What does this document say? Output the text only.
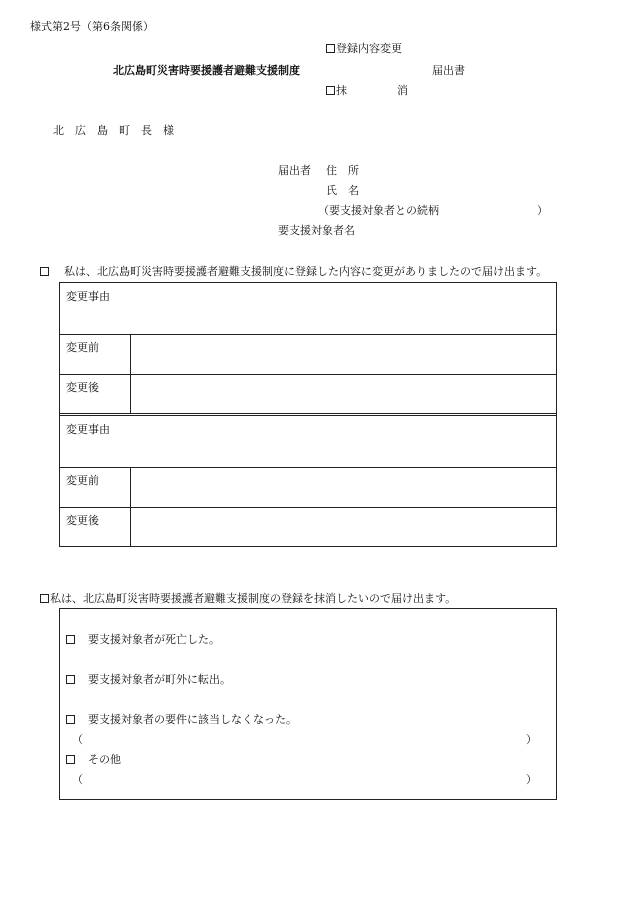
様式第2号（第6条関係）
登録内容変更
北広島町災害時要援護者避難支援制度	届出書
抹	消
北　広　島　町　長　様
届出者 住　所
氏　名
（要支援対象者との続柄	）
要支援対象者名
私は、北広島町災害時要援護者避難支援制度に登録した内容に変更がありましたので届け出ます。
変更事由
変更前
変更後
変更事由
変更前
変更後
私は、北広島町災害時要援護者避難支援制度の登録を抹消したいので届け出ます。
要支援対象者が死亡した。
要支援対象者が町外に転出。
要支援対象者の要件に該当しなくなった。
（	）
その他
（	）
